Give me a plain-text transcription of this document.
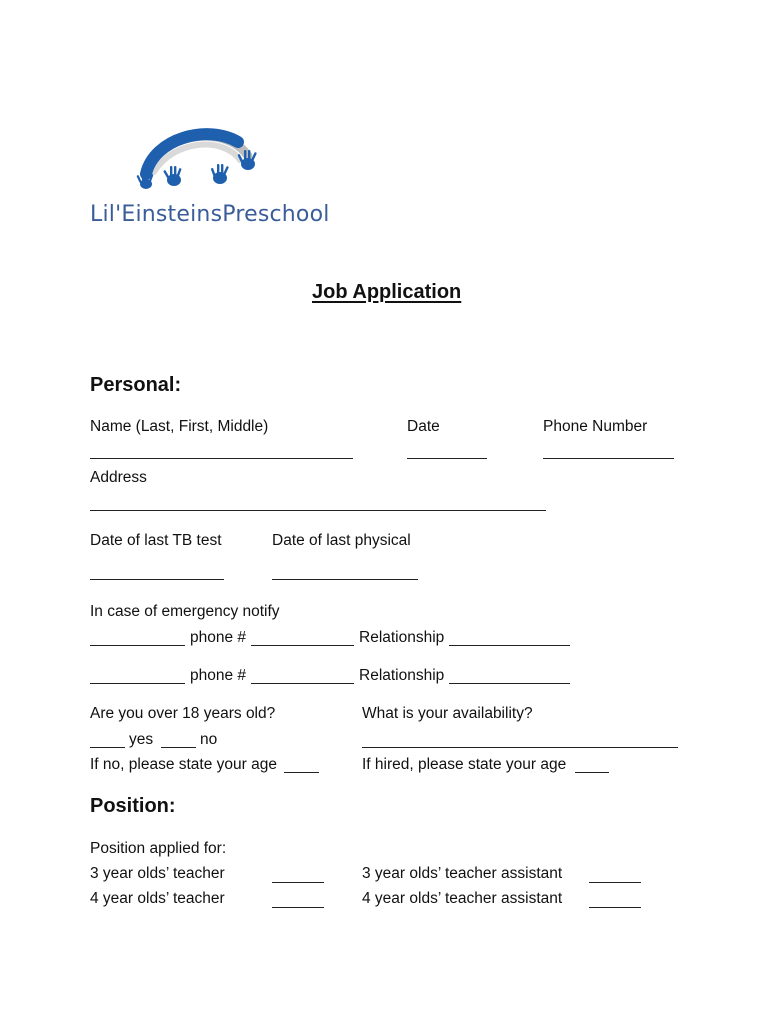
Lil'EinsteinsPreschool
Job Application
Personal:
Name (Last, First, Middle)	Date	Phone Number
Address
Date of last TB test	Date of last physical
In case of emergency notify
phone #	Relationship
phone #	Relationship
Are you over 18 years old?	What is your availability?
yes	no
If no, please state your age	If hired, please state your age
Position:
Position applied for:
3 year olds’ teacher	3 year olds’ teacher assistant
4 year olds’ teacher	4 year olds’ teacher assistant
